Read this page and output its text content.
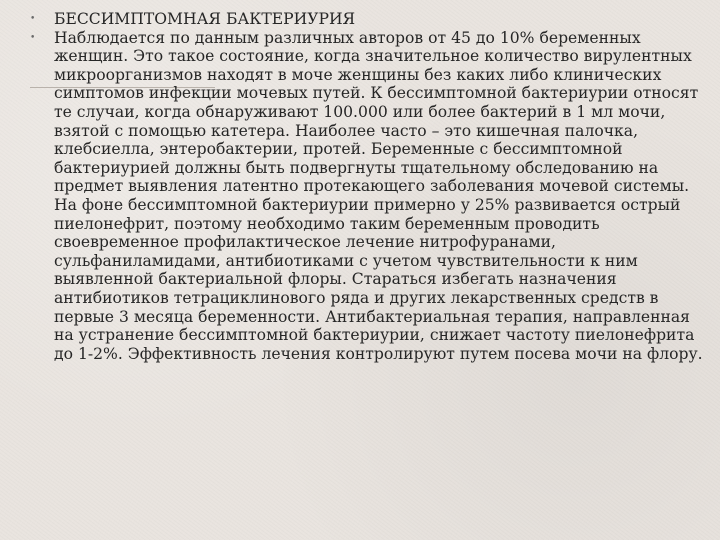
• БЕССИМПТОМНАЯ БАКТЕРИУРИЯ
• Наблюдается по данным различных авторов от 45 до 10% беременных женщин. Это такое состояние, когда значительное количество вирулентных микроорганизмов находят в моче женщины без каких либо клинических симптомов инфекции мочевых путей. К бессимптомной бактериурии относят те случаи, когда обнаруживают 100.000 или более бактерий в 1 мл мочи, взятой с помощью катетера. Наиболее часто – это кишечная палочка, клебсиелла, энтеробактерии, протей. Беременные с бессимптомной бактериурией должны быть подвергнуты тщательному обследованию на предмет выявления латентно протекающего заболевания мочевой системы. На фоне бессимптомной бактериурии примерно у 25% развивается острый пиелонефрит, поэтому необходимо таким беременным проводить своевременное профилактическое лечение нитрофуранами, сульфаниламидами, антибиотиками с учетом чувствительности к ним выявленной бактериальной флоры. Стараться избегать назначения антибиотиков тетрациклинового ряда и других лекарственных средств в первые 3 месяца беременности. Антибактериальная терапия, направленная на устранение бессимптомной бактериурии, снижает частоту пиелонефрита до 1-2%. Эффективность лечения контролируют путем посева мочи на флору.
